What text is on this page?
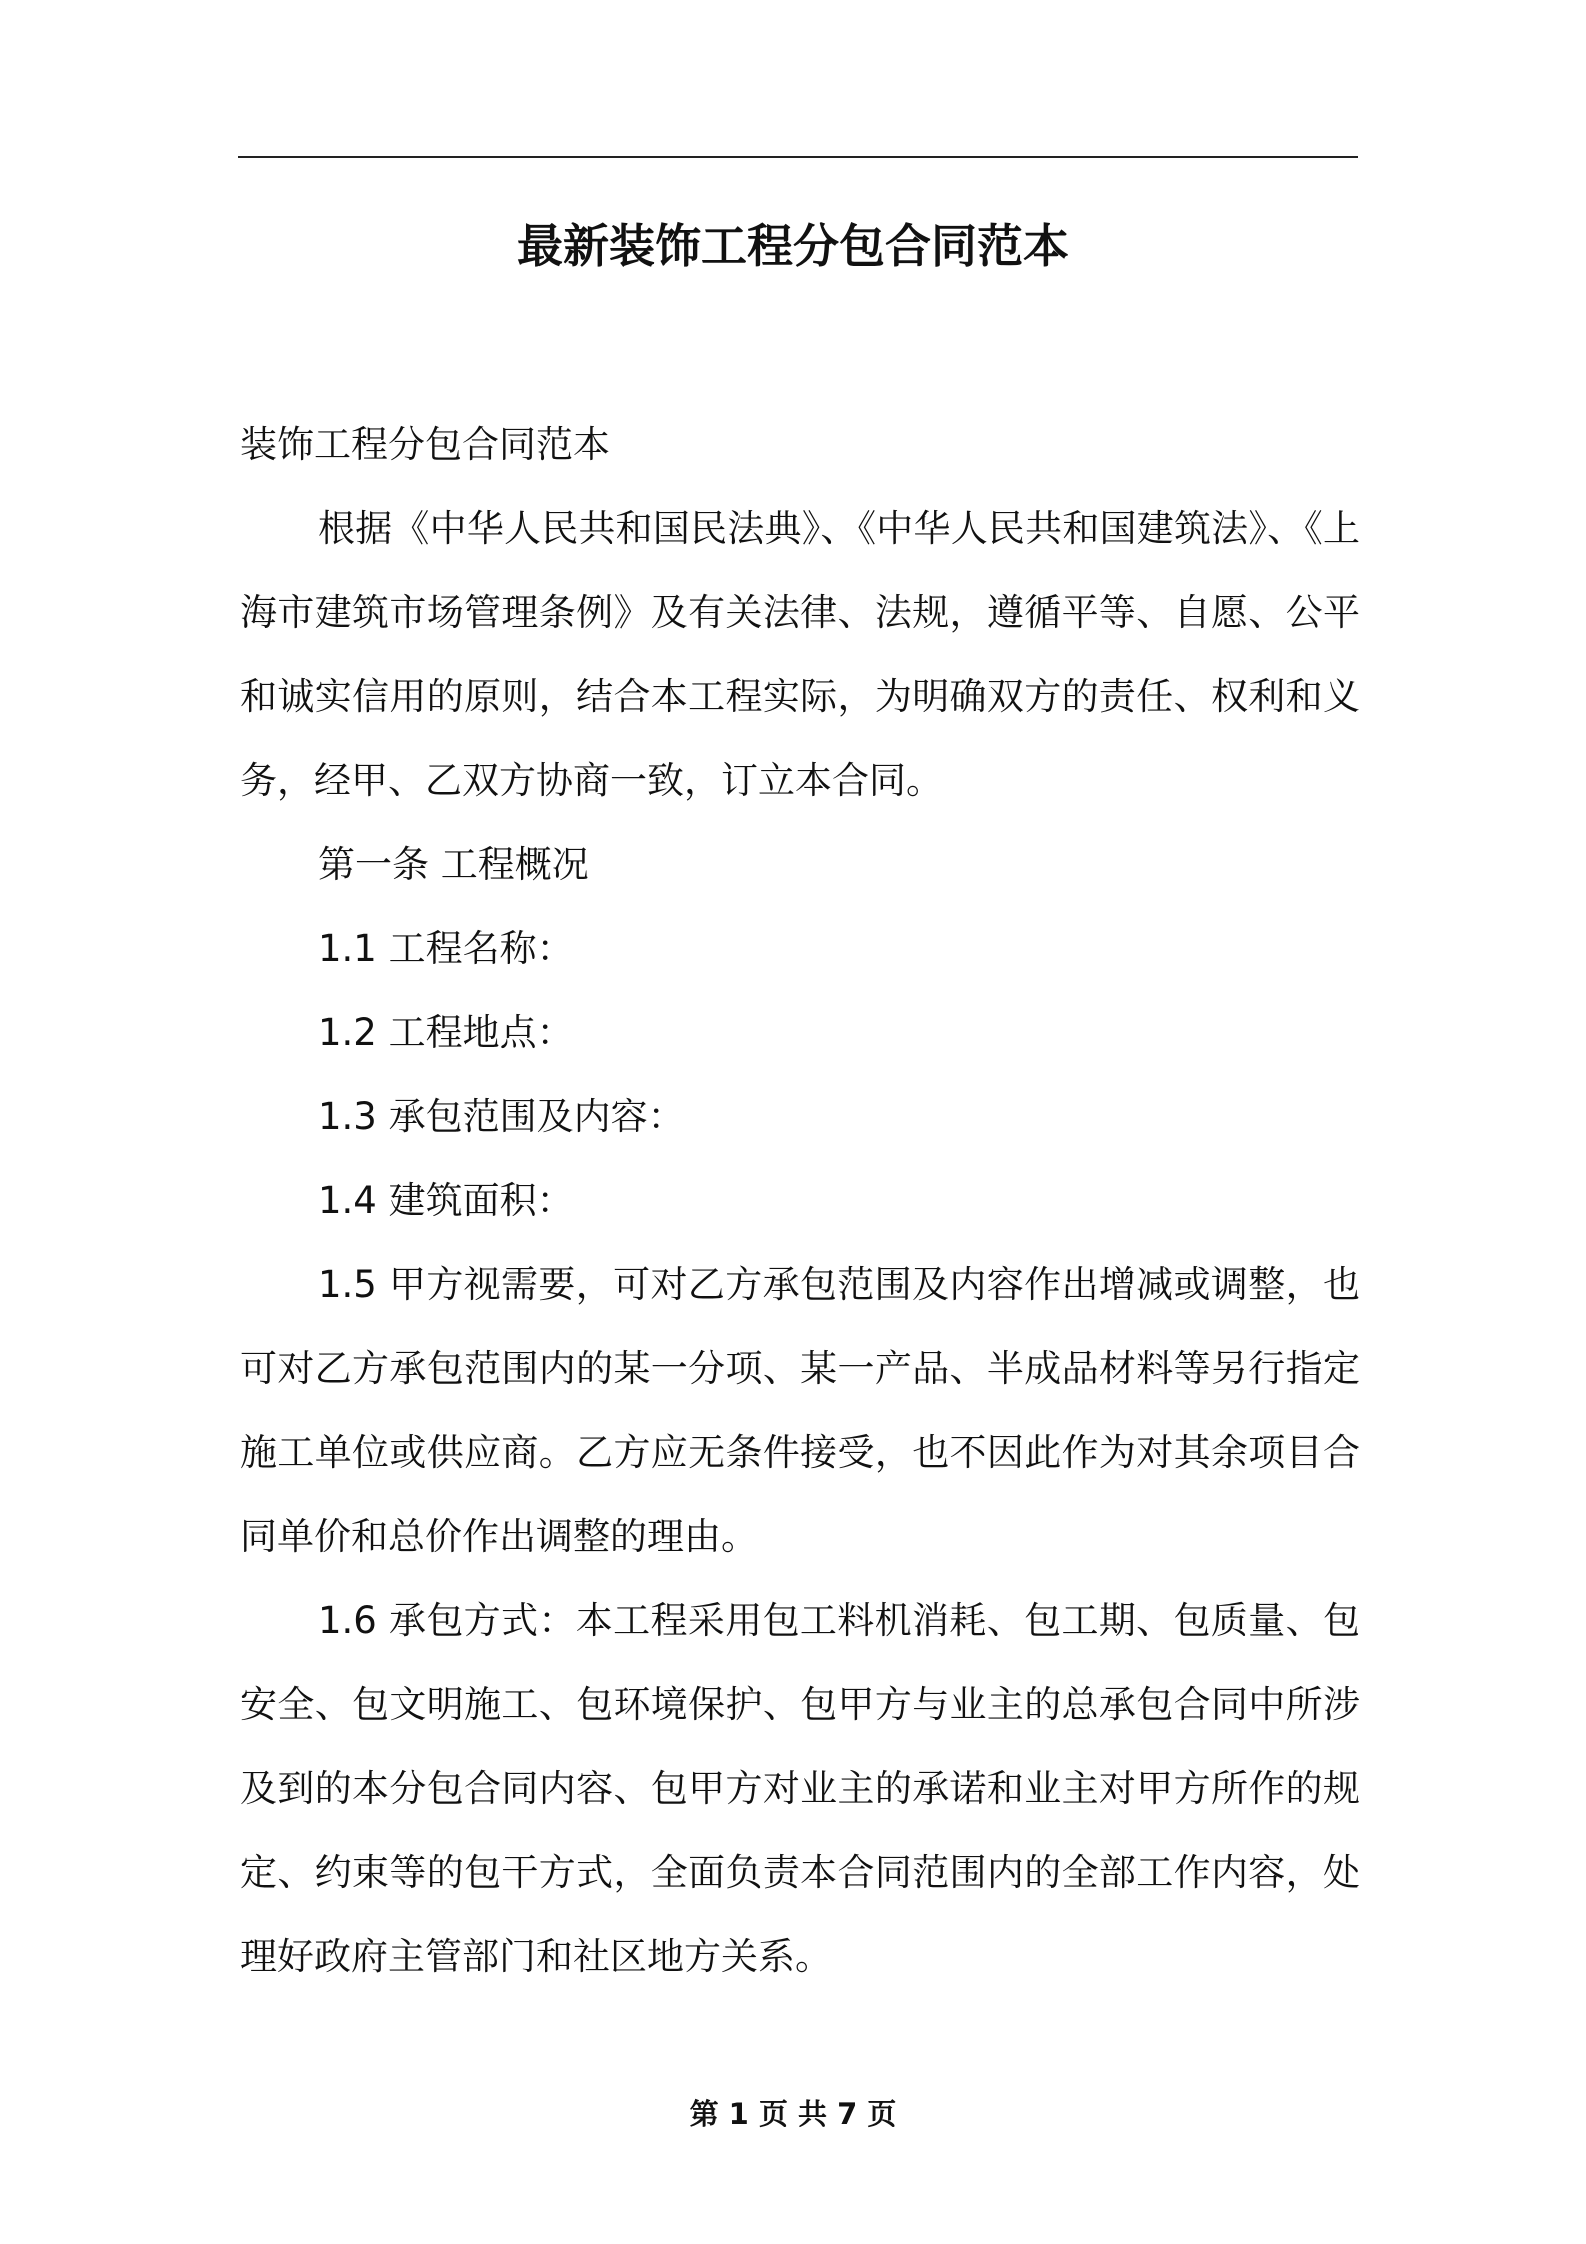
最新装饰工程分包合同范本

装饰工程分包合同范本

根据《中华人民共和国民法典》、《中华人民共和国建筑法》、《上海市建筑市场管理条例》及有关法律、法规，遵循平等、自愿、公平和诚实信用的原则，结合本工程实际，为明确双方的责任、权利和义务，经甲、乙双方协商一致，订立本合同。

第一条 工程概况

1.1 工程名称：

1.2 工程地点：

1.3 承包范围及内容：

1.4 建筑面积：

1.5 甲方视需要，可对乙方承包范围及内容作出增减或调整，也可对乙方承包范围内的某一分项、某一产品、半成品材料等另行指定施工单位或供应商。乙方应无条件接受，也不因此作为对其余项目合同单价和总价作出调整的理由。

1.6 承包方式：本工程采用包工料机消耗、包工期、包质量、包安全、包文明施工、包环境保护、包甲方与业主的总承包合同中所涉及到的本分包合同内容、包甲方对业主的承诺和业主对甲方所作的规定、约束等的包干方式，全面负责本合同范围内的全部工作内容，处理好政府主管部门和社区地方关系。

第 1 页 共 7 页
